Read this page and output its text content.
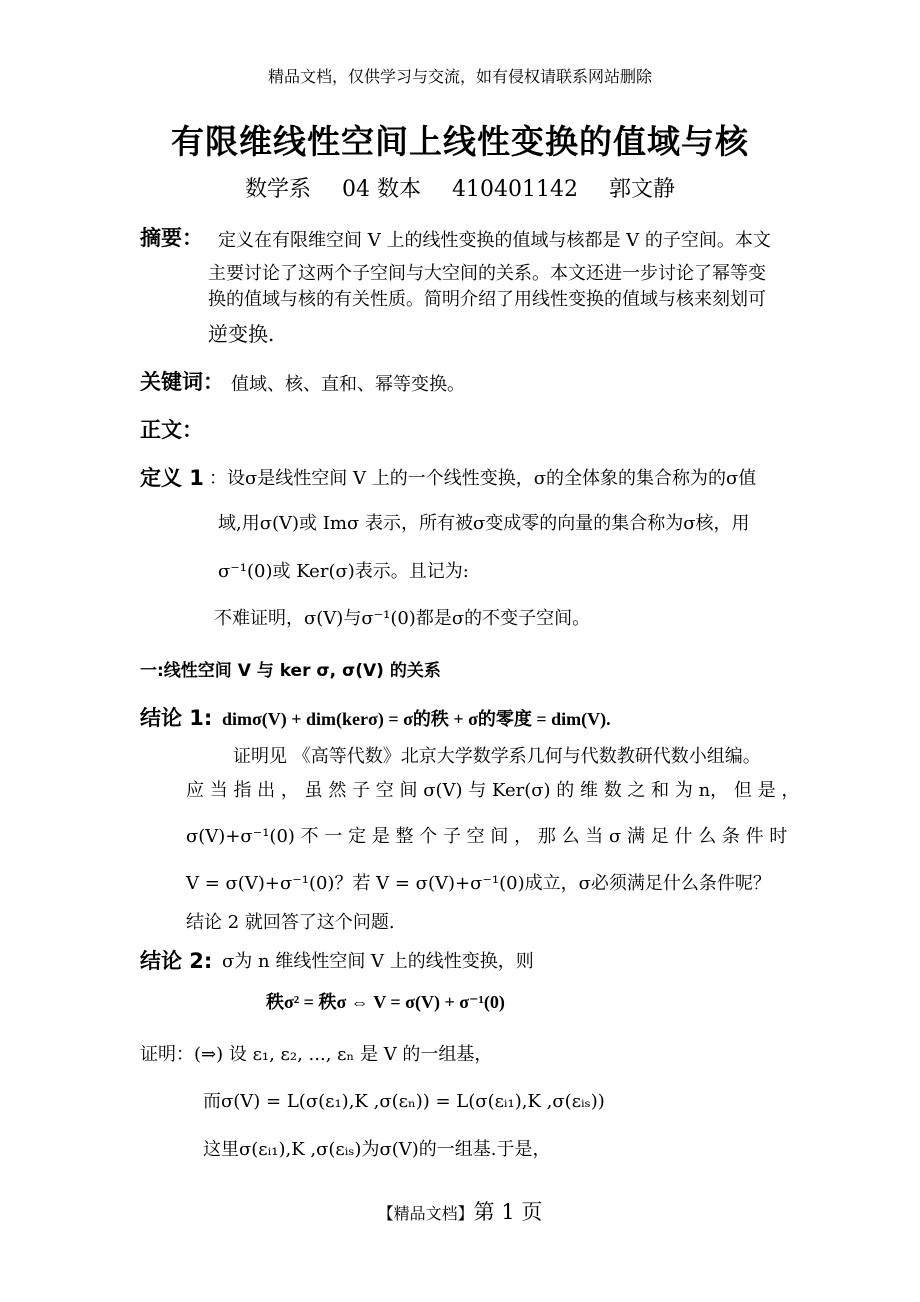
精品文档，仅供学习与交流，如有侵权请联系网站删除
有限维线性空间上线性变换的值域与核
数学系 04 数本 410401142 郭文静
摘要： 定义在有限维空间 V 上的线性变换的值域与核都是 V 的子空间。本文
主要讨论了这两个子空间与大空间的关系。本文还进一步讨论了幂等变
换的值域与核的有关性质。简明介绍了用线性变换的值域与核来刻划可
逆变换.
关键词： 值域、核、直和、幂等变换。
正文：
定义 1 ：设σ是线性空间 V 上的一个线性变换，σ的全体象的集合称为的σ值
域,用σ(V)或 Imσ 表示，所有被σ变成零的向量的集合称为σ核，用
σ⁻¹(0)或 Ker(σ)表示。且记为:
不难证明，σ(V)与σ⁻¹(0)都是σ的不变子空间。
一:线性空间 V 与 ker σ, σ(V) 的关系
结论 1: dimσ(V) + dim(kerσ) = σ的秩 + σ的零度 = dim(V).
证明见 《高等代数》北京大学数学系几何与代数教研代数小组编。
应 当 指 出 ， 虽 然 子 空 间 σ(V) 与 Ker(σ) 的 维 数 之 和 为 n， 但 是 ，
σ(V)+σ⁻¹(0) 不 一 定 是 整 个 子 空 间 ， 那 么 当 σ 满 足 什 么 条 件 时
V = σ(V)+σ⁻¹(0)？若 V = σ(V)+σ⁻¹(0)成立，σ必须满足什么条件呢？
结论 2 就回答了这个问题.
结论 2: σ为 n 维线性空间 V 上的线性变换，则
秩σ² = 秩σ ⇔ V = σ(V) + σ⁻¹(0)
证明：(⇒) 设 ε₁, ε₂, ..., εₙ 是 V 的一组基，
而σ(V) = L(σ(ε₁),K ,σ(εₙ)) = L(σ(εᵢ₁),K ,σ(εᵢₛ))
这里σ(εᵢ₁),K ,σ(εᵢₛ)为σ(V)的一组基.于是，
【精品文档】第 1 页
